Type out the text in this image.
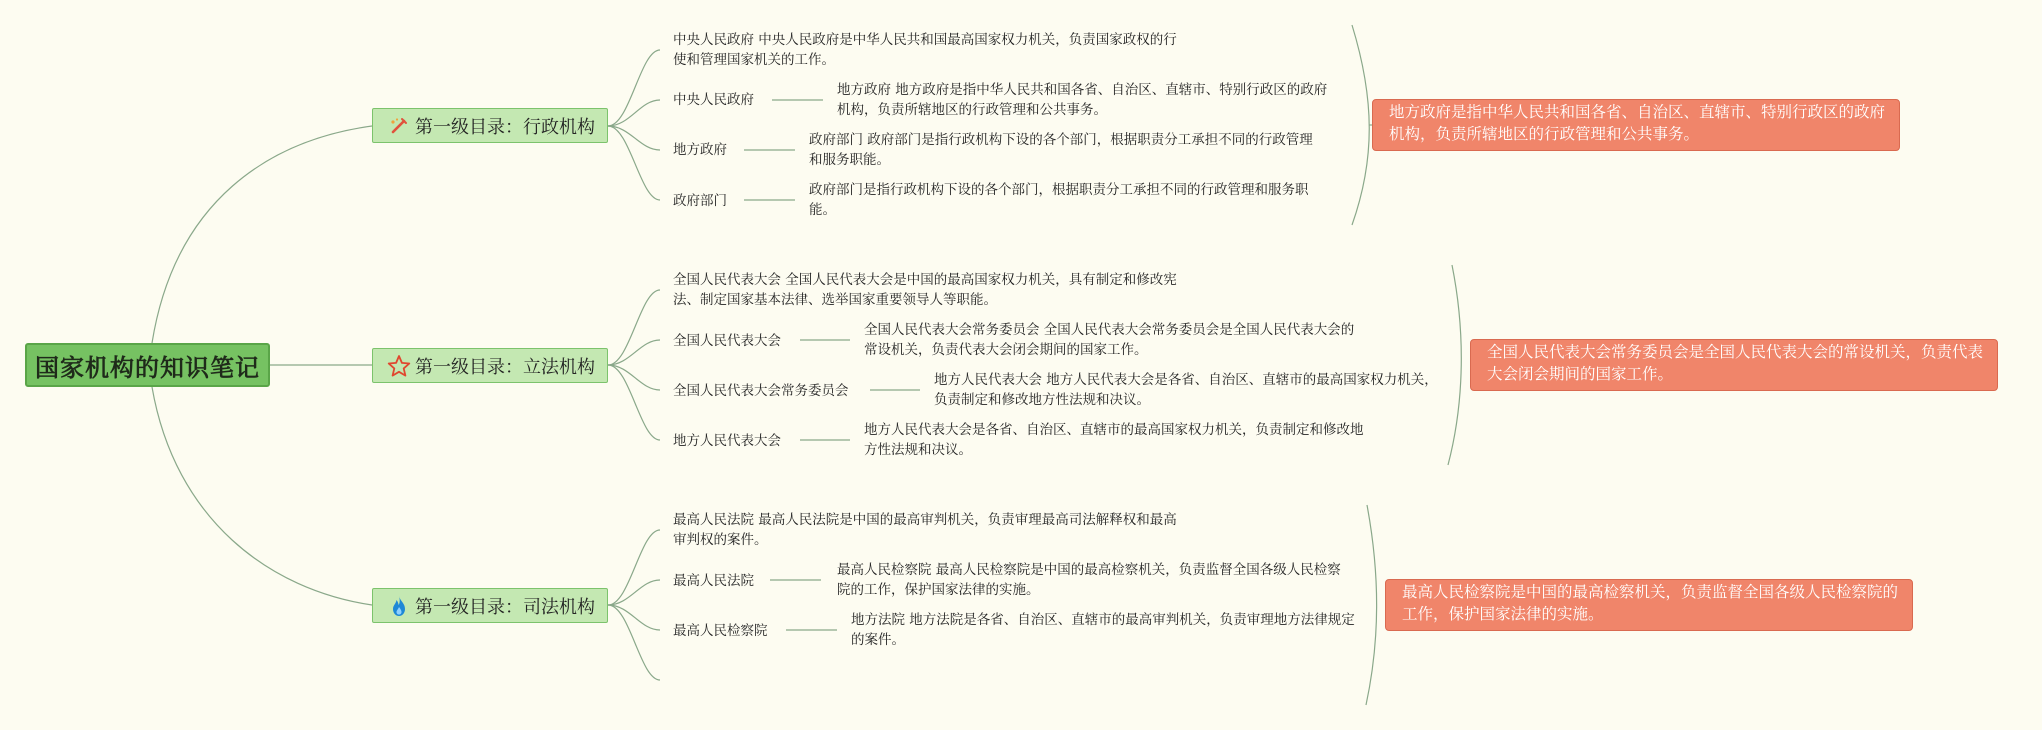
国家机构的知识笔记
第一级目录：行政机构
中央人民政府 中央人民政府是中华人民共和国最高国家权力机关，负责国家政权的行使和管理国家机关的工作。
中央人民政府
地方政府 地方政府是指中华人民共和国各省、自治区、直辖市、特别行政区的政府机构，负责所辖地区的行政管理和公共事务。
地方政府
政府部门 政府部门是指行政机构下设的各个部门，根据职责分工承担不同的行政管理和服务职能。
政府部门
政府部门是指行政机构下设的各个部门，根据职责分工承担不同的行政管理和服务职能。
地方政府是指中华人民共和国各省、自治区、直辖市、特别行政区的政府机构，负责所辖地区的行政管理和公共事务。
第一级目录：立法机构
全国人民代表大会 全国人民代表大会是中国的最高国家权力机关，具有制定和修改宪法、制定国家基本法律、选举国家重要领导人等职能。
全国人民代表大会
全国人民代表大会常务委员会 全国人民代表大会常务委员会是全国人民代表大会的常设机关，负责代表大会闭会期间的国家工作。
全国人民代表大会常务委员会
地方人民代表大会 地方人民代表大会是各省、自治区、直辖市的最高国家权力机关，负责制定和修改地方性法规和决议。
地方人民代表大会
地方人民代表大会是各省、自治区、直辖市的最高国家权力机关，负责制定和修改地方性法规和决议。
全国人民代表大会常务委员会是全国人民代表大会的常设机关，负责代表大会闭会期间的国家工作。
第一级目录：司法机构
最高人民法院 最高人民法院是中国的最高审判机关，负责审理最高司法解释权和最高审判权的案件。
最高人民法院
最高人民检察院 最高人民检察院是中国的最高检察机关，负责监督全国各级人民检察院的工作，保护国家法律的实施。
最高人民检察院
地方法院 地方法院是各省、自治区、直辖市的最高审判机关，负责审理地方法律规定的案件。
最高人民检察院是中国的最高检察机关，负责监督全国各级人民检察院的工作，保护国家法律的实施。
